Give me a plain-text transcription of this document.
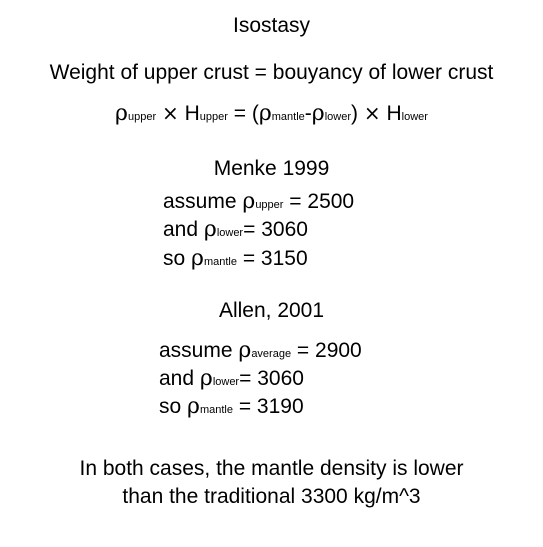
Isostasy
Weight of upper crust = bouyancy of lower crust
ρupper × Hupper = (ρmantle-ρlower) × Hlower
Menke 1999
assume ρupper = 2500
and ρlower= 3060
so ρmantle = 3150
Allen, 2001
assume ρaverage = 2900
and ρlower= 3060
so ρmantle = 3190
In both cases, the mantle density is lower
than the traditional 3300 kg/m^3
